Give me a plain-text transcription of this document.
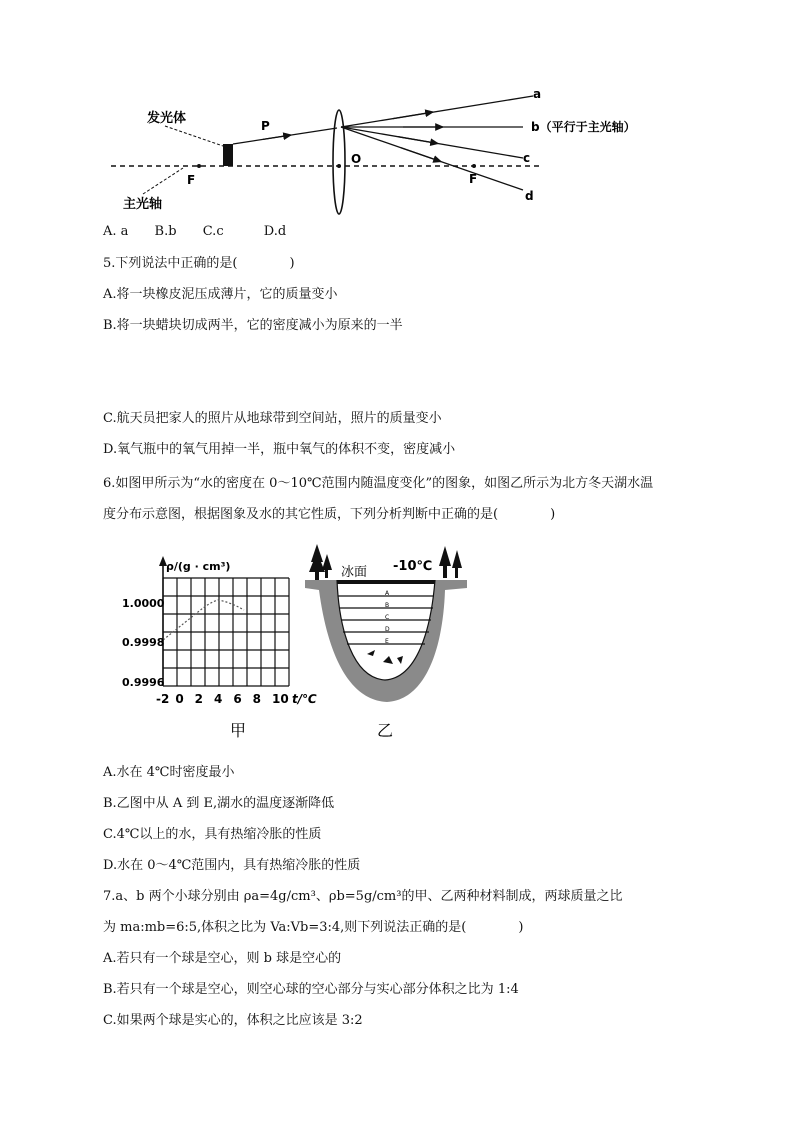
发光体
主光轴
P
O
F	F
a
b（平行于主光轴）
c
d
A. a B.b C.c	D.d
5.下列说法中正确的是(　　　　)
A.将一块橡皮泥压成薄片，它的质量变小
B.将一块蜡块切成两半，它的密度减小为原来的一半
C.航天员把家人的照片从地球带到空间站，照片的质量变小
D.氧气瓶中的氧气用掉一半，瓶中氧气的体积不变，密度减小
6.如图甲所示为“水的密度在 0～10℃范围内随温度变化”的图象，如图乙所示为北方冬天湖水温
度分布示意图，根据图象及水的其它性质，下列分析判断中正确的是(　　　　)
ρ/(g · cm³)
1.0000
0.9998
0.9996
-2 0 2 4 6 8 10 t/℃
甲
A
B
C
D
E
冰面 -10℃
乙
A.水在 4℃时密度最小
B.乙图中从 A 到 E,湖水的温度逐渐降低
C.4℃以上的水，具有热缩冷胀的性质
D.水在 0～4℃范围内，具有热缩冷胀的性质
7.a、b 两个小球分别由 ρa=4g/cm³、ρb=5g/cm³的甲、乙两种材料制成，两球质量之比
为 ma:mb=6:5,体积之比为 Va:Vb=3:4,则下列说法正确的是(　　　　)
A.若只有一个球是空心，则 b 球是空心的
B.若只有一个球是空心，则空心球的空心部分与实心部分体积之比为 1:4
C.如果两个球是实心的，体积之比应该是 3:2
